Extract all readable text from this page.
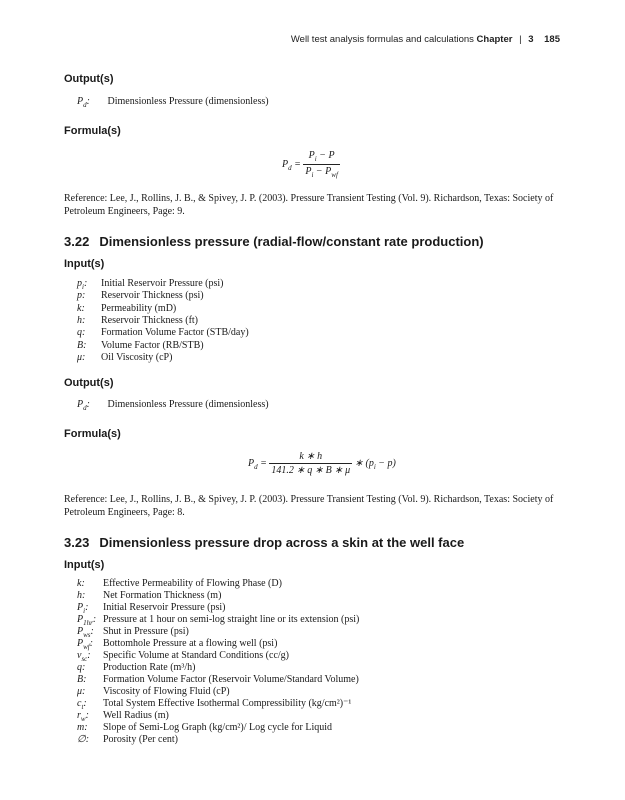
Well test analysis formulas and calculations Chapter | 3 185
Output(s)
$P_d$: Dimensionless Pressure (dimensionless)
Formula(s)
$P_d = \frac{P_i - P}{P_i - P_{wf}}$
Reference: Lee, J., Rollins, J. B., & Spivey, J. P. (2003). Pressure Transient Testing (Vol. 9). Richardson, Texas: Society of Petroleum Engineers, Page: 9.
3.22 Dimensionless pressure (radial-flow/constant rate production)
Input(s)
$p_i$: Initial Reservoir Pressure (psi)
p: Reservoir Thickness (psi)
k: Permeability (mD)
h: Reservoir Thickness (ft)
q: Formation Volume Factor (STB/day)
B: Volume Factor (RB/STB)
μ: Oil Viscosity (cP)
Output(s)
$P_d$: Dimensionless Pressure (dimensionless)
Formula(s)
$P_d = \frac{k ∗ h}{141.2 ∗ q ∗ B ∗ \mu}$ ∗ $(p_i - p)$
Reference: Lee, J., Rollins, J. B., & Spivey, J. P. (2003). Pressure Transient Testing (Vol. 9). Richardson, Texas: Society of Petroleum Engineers, Page: 8.
3.23 Dimensionless pressure drop across a skin at the well face
Input(s)
k: Effective Permeability of Flowing Phase (D)
h: Net Formation Thickness (m)
$P_i$: Initial Reservoir Pressure (psi)
$P_{1hr}$: Pressure at 1 hour on semi-log straight line or its extension (psi)
$P_{ws}$: Shut in Pressure (psi)
$P_{wf}$: Bottomhole Pressure at a flowing well (psi)
$v_{sc}$: Specific Volume at Standard Conditions (cc/g)
q: Production Rate (m³/h)
B: Formation Volume Factor (Reservoir Volume/Standard Volume)
μ: Viscosity of Flowing Fluid (cP)
$c_t$: Total System Effective Isothermal Compressibility (kg/cm²)⁻¹
$r_w$: Well Radius (m)
m: Slope of Semi-Log Graph (kg/cm²)/ Log cycle for Liquid
∅: Porosity (Per cent)
